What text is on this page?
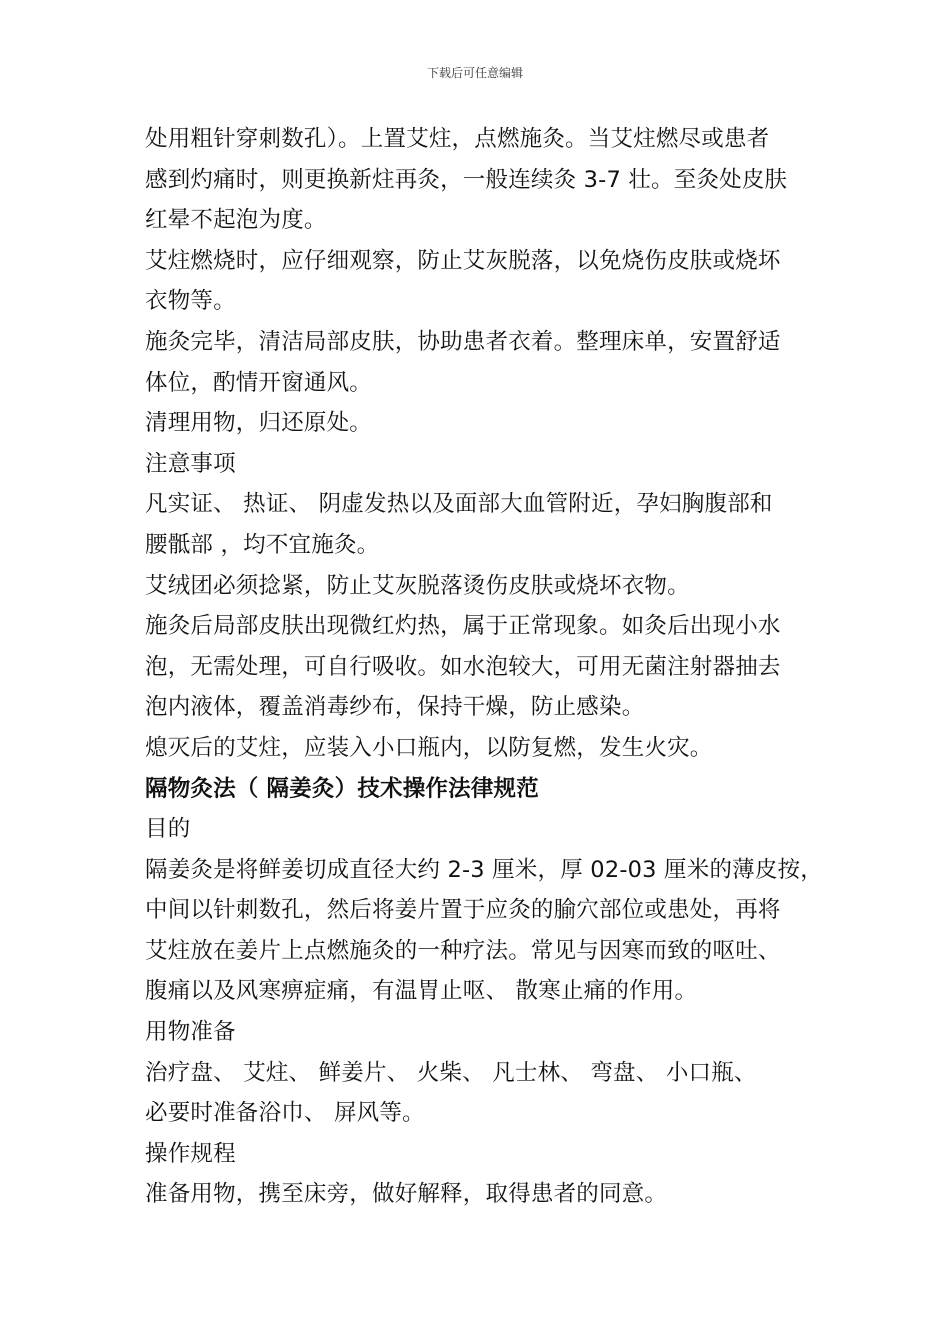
下载后可任意编辑
处用粗针穿刺数孔）。上置艾炷，点燃施灸。当艾炷燃尽或患者
感到灼痛时，则更换新炷再灸，一般连续灸 3-7 壮。至灸处皮肤
红晕不起泡为度。
艾炷燃烧时，应仔细观察，防止艾灰脱落，以免烧伤皮肤或烧坏
衣物等。
施灸完毕，清洁局部皮肤，协助患者衣着。整理床单，安置舒适
体位，酌情开窗通风。
清理用物，归还原处。
注意事项
凡实证、 热证、 阴虚发热以及面部大血管附近，孕妇胸腹部和
腰骶部 ，均不宜施灸。
艾绒团必须捻紧，防止艾灰脱落烫伤皮肤或烧坏衣物。
施灸后局部皮肤出现微红灼热，属于正常现象。如灸后出现小水
泡，无需处理，可自行吸收。如水泡较大，可用无菌注射器抽去
泡内液体，覆盖消毒纱布，保持干燥，防止感染。
熄灭后的艾炷，应装入小口瓶内，以防复燃，发生火灾。
隔物灸法（ 隔姜灸）技术操作法律规范
目的
隔姜灸是将鲜姜切成直径大约 2-3 厘米，厚 02-03 厘米的薄皮按，
中间以针刺数孔，然后将姜片置于应灸的腧穴部位或患处，再将
艾炷放在姜片上点燃施灸的一种疗法。常见与因寒而致的呕吐、
腹痛以及风寒痹症痛，有温胃止呕、 散寒止痛的作用。
用物准备
治疗盘、 艾炷、 鲜姜片、 火柴、 凡士林、 弯盘、 小口瓶、
必要时准备浴巾、 屏风等。
操作规程
准备用物，携至床旁，做好解释，取得患者的同意。
